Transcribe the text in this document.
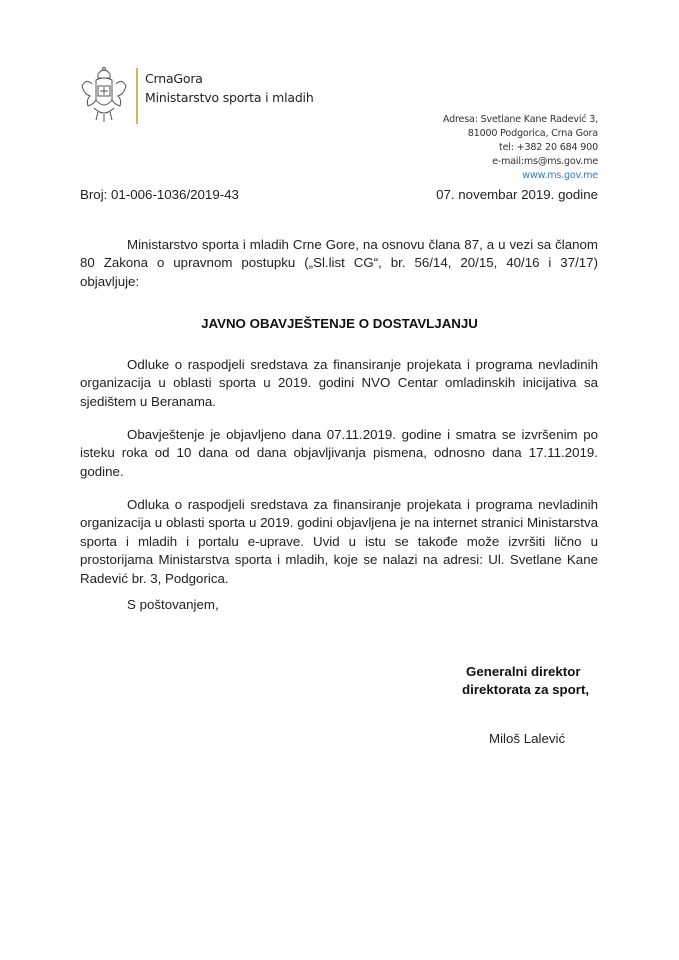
CrnaGora
Ministarstvo sporta i mladih
Adresa: Svetlane Kane Radević 3,
81000 Podgorica, Crna Gora
tel: +382 20 684 900
e-mail:ms@ms.gov.me
www.ms.gov.me
Broj: 01-006-1036/2019-43	07. novembar 2019. godine
Ministarstvo sporta i mladih Crne Gore, na osnovu člana 87, a u vezi sa članom 80 Zakona o upravnom postupku („Sl.list CG“, br. 56/14, 20/15, 40/16 i 37/17) objavljuje:
JAVNO OBAVJEŠTENJE O DOSTAVLJANJU
Odluke o raspodjeli sredstava za finansiranje projekata i programa nevladinih organizacija u oblasti sporta u 2019. godini NVO Centar omladinskih inicijativa sa sjedištem u Beranama.
Obavještenje je objavljeno dana 07.11.2019. godine i smatra se izvršenim po isteku roka od 10 dana od dana objavljivanja pismena, odnosno dana 17.11.2019. godine.
Odluka o raspodjeli sredstava za finansiranje projekata i programa nevladinih organizacija u oblasti sporta u 2019. godini objavljena je na internet stranici Ministarstva sporta i mladih i portalu e-uprave. Uvid u istu se takođe može izvršiti lično u prostorijama Ministarstva sporta i mladih, koje se nalazi na adresi: Ul. Svetlane Kane Radević br. 3, Podgorica.
S poštovanjem,
Generalni direktor
direktorata za sport,
Miloš Lalević
